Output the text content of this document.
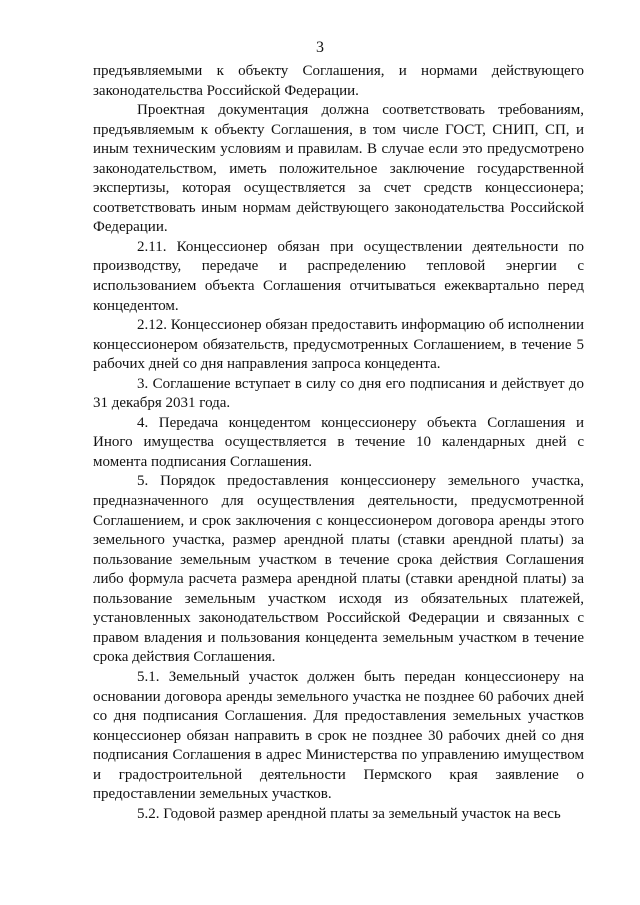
3

предъявляемыми к объекту Соглашения, и нормами действующего законодательства Российской Федерации.

Проектная документация должна соответствовать требованиям, предъявляемым к объекту Соглашения, в том числе ГОСТ, СНИП, СП, и иным техническим условиям и правилам. В случае если это предусмотрено законодательством, иметь положительное заключение государственной экспертизы, которая осуществляется за счет средств концессионера; соответствовать иным нормам действующего законодательства Российской Федерации.

2.11. Концессионер обязан при осуществлении деятельности по производству, передаче и распределению тепловой энергии с использованием объекта Соглашения отчитываться ежеквартально перед концедентом.

2.12. Концессионер обязан предоставить информацию об исполнении концессионером обязательств, предусмотренных Соглашением, в течение 5 рабочих дней со дня направления запроса концедента.

3. Соглашение вступает в силу со дня его подписания и действует до 31 декабря 2031 года.

4. Передача концедентом концессионеру объекта Соглашения и Иного имущества осуществляется в течение 10 календарных дней с момента подписания Соглашения.

5. Порядок предоставления концессионеру земельного участка, предназначенного для осуществления деятельности, предусмотренной Соглашением, и срок заключения с концессионером договора аренды этого земельного участка, размер арендной платы (ставки арендной платы) за пользование земельным участком в течение срока действия Соглашения либо формула расчета размера арендной платы (ставки арендной платы) за пользование земельным участком исходя из обязательных платежей, установленных законодательством Российской Федерации и связанных с правом владения и пользования концедента земельным участком в течение срока действия Соглашения.

5.1. Земельный участок должен быть передан концессионеру на основании договора аренды земельного участка не позднее 60 рабочих дней со дня подписания Соглашения. Для предоставления земельных участков концессионер обязан направить в срок не позднее 30 рабочих дней со дня подписания Соглашения в адрес Министерства по управлению имуществом и градостроительной деятельности Пермского края заявление о предоставлении земельных участков.

5.2. Годовой размер арендной платы за земельный участок на весь
